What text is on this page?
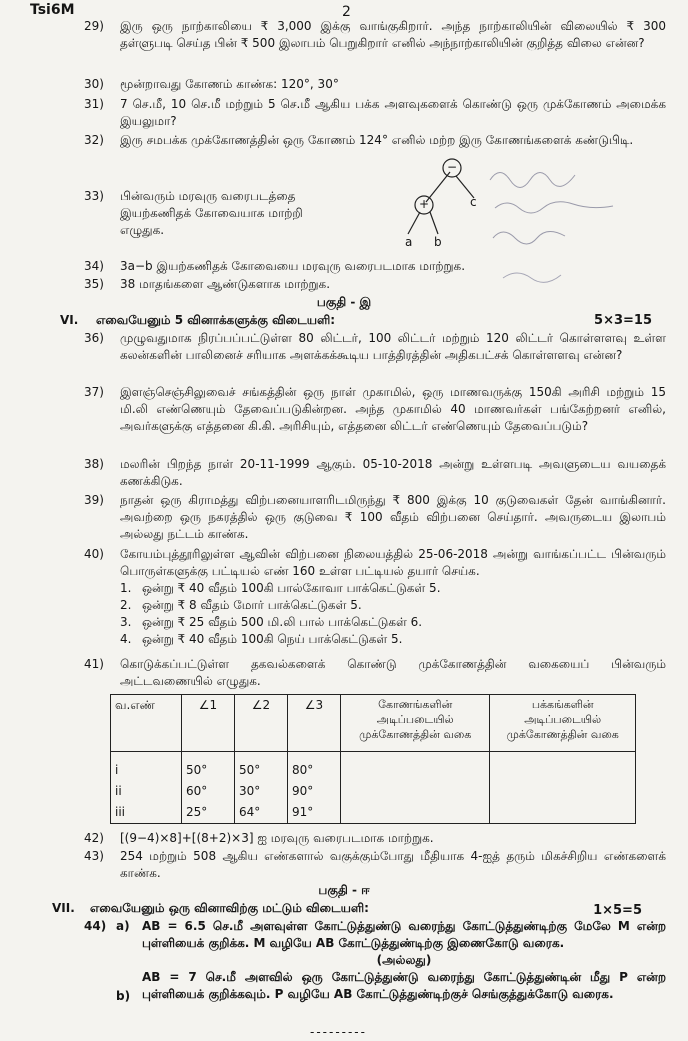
Tsi6M	2
29)	இரு ஒரு நாற்காலியை ₹ 3,000 இக்கு வாங்குகிறார். அந்த நாற்காலியின் விலையில் ₹ 300 தள்ளுபடி செய்த பின் ₹ 500 இலாபம் பெறுகிறார் எனில் அந்நாற்காலியின் குறித்த விலை என்ன?
30)	மூன்றாவது கோணம் காண்க: 120°, 30°
31)	7 செ.மீ, 10 செ.மீ மற்றும் 5 செ.மீ ஆகிய பக்க அளவுகளைக் கொண்டு ஒரு முக்கோணம் அமைக்க இயலுமா?
32)	இரு சமபக்க முக்கோணத்தின் ஒரு கோணம் 124° எனில் மற்ற இரு கோணங்களைக் கண்டுபிடி.
33)	பின்வரும் மரவுரு வரைபடத்தை
இயற்கணிதக் கோவையாக மாற்றி எழுதுக.
−
+	c
a b
34)	3a−b இயற்கணிதக் கோவையை மரவுரு வரைபடமாக மாற்றுக.
35)	38 மாதங்களை ஆண்டுகளாக மாற்றுக.
பகுதி - இ
VI. எவையேனும் 5 வினாக்களுக்கு விடையளி:	5×3=15
36)	முழுவதுமாக நிரப்பப்பட்டுள்ள 80 லிட்டர், 100 லிட்டர் மற்றும் 120 லிட்டர் கொள்ளளவு உள்ள கலன்களின் பாலினைச் சரியாக அளக்கக்கூடிய பாத்திரத்தின் அதிகபட்சக் கொள்ளளவு என்ன?
37)	இளஞ்செஞ்சிலுவைச் சங்கத்தின் ஒரு நாள் முகாமில், ஒரு மாணவருக்கு 150கி அரிசி மற்றும் 15 மி.லி எண்ணெயும் தேவைப்படுகின்றன. அந்த முகாமில் 40 மாணவர்கள் பங்கேற்றனர் எனில், அவர்களுக்கு எத்தனை கி.கி. அரிசியும், எத்தனை லிட்டர் எண்ணெயும் தேவைப்படும்?
38)	மலரின் பிறந்த நாள் 20-11-1999 ஆகும். 05-10-2018 அன்று உள்ளபடி அவளுடைய வயதைக் கணக்கிடுக.
39)	நாதன் ஒரு கிராமத்து விற்பனையாளரிடமிருந்து ₹ 800 இக்கு 10 குடுவைகள் தேன் வாங்கினார். அவற்றை ஒரு நகரத்தில் ஒரு குடுவை ₹ 100 வீதம் விற்பனை செய்தார். அவருடைய இலாபம் அல்லது நட்டம் காண்க.
40)	கோயம்புத்தூரிலுள்ள ஆவின் விற்பனை நிலையத்தில் 25-06-2018 அன்று வாங்கப்பட்ட பின்வரும் பொருள்களுக்கு பட்டியல் எண் 160 உள்ள பட்டியல் தயார் செய்க.
1. ஒன்று ₹ 40 வீதம் 100கி பால்கோவா பாக்கெட்டுகள் 5.
2. ஒன்று ₹ 8 வீதம் மோர் பாக்கெட்டுகள் 5.
3. ஒன்று ₹ 25 வீதம் 500 மி.லி பால் பாக்கெட்டுகள் 6.
4. ஒன்று ₹ 40 வீதம் 100கி நெய் பாக்கெட்டுகள் 5.
41)	கொடுக்கப்பட்டுள்ள தகவல்களைக் கொண்டு முக்கோணத்தின் வகையைப் பின்வரும் அட்டவணையில் எழுதுக.
வ.எண்	∠1	∠2	∠3	கோணங்களின் அடிப்படையில் முக்கோணத்தின் வகை	பக்கங்களின் அடிப்படையில் முக்கோணத்தின் வகை
i	50°	50°	80°		
ii	60°	30°	90°		
iii	25°	64°	91°		
42)	[(9−4)×8]+[(8+2)×3] ஐ மரவுரு வரைபடமாக மாற்றுக.
43)	254 மற்றும் 508 ஆகிய எண்களால் வகுக்கும்போது மீதியாக 4-ஐத் தரும் மிகச்சிறிய எண்களைக் காண்க.
பகுதி - ஈ
VII. எவையேனும் ஒரு வினாவிற்கு மட்டும் விடையளி:	1×5=5
44) a) AB = 6.5 செ.மீ அளவுள்ள கோட்டுத்துண்டு வரைந்து கோட்டுத்துண்டிற்கு மேலே M என்ற புள்ளியைக் குறிக்க. M வழியே AB கோட்டுத்துண்டிற்கு இணைகோடு வரைக.
(அல்லது)
b)
AB = 7 செ.மீ அளவில் ஒரு கோட்டுத்துண்டு வரைந்து கோட்டுத்துண்டின் மீது P என்ற புள்ளியைக் குறிக்கவும். P வழியே AB கோட்டுத்துண்டிற்குச் செங்குத்துக்கோடு வரைக.
---------
